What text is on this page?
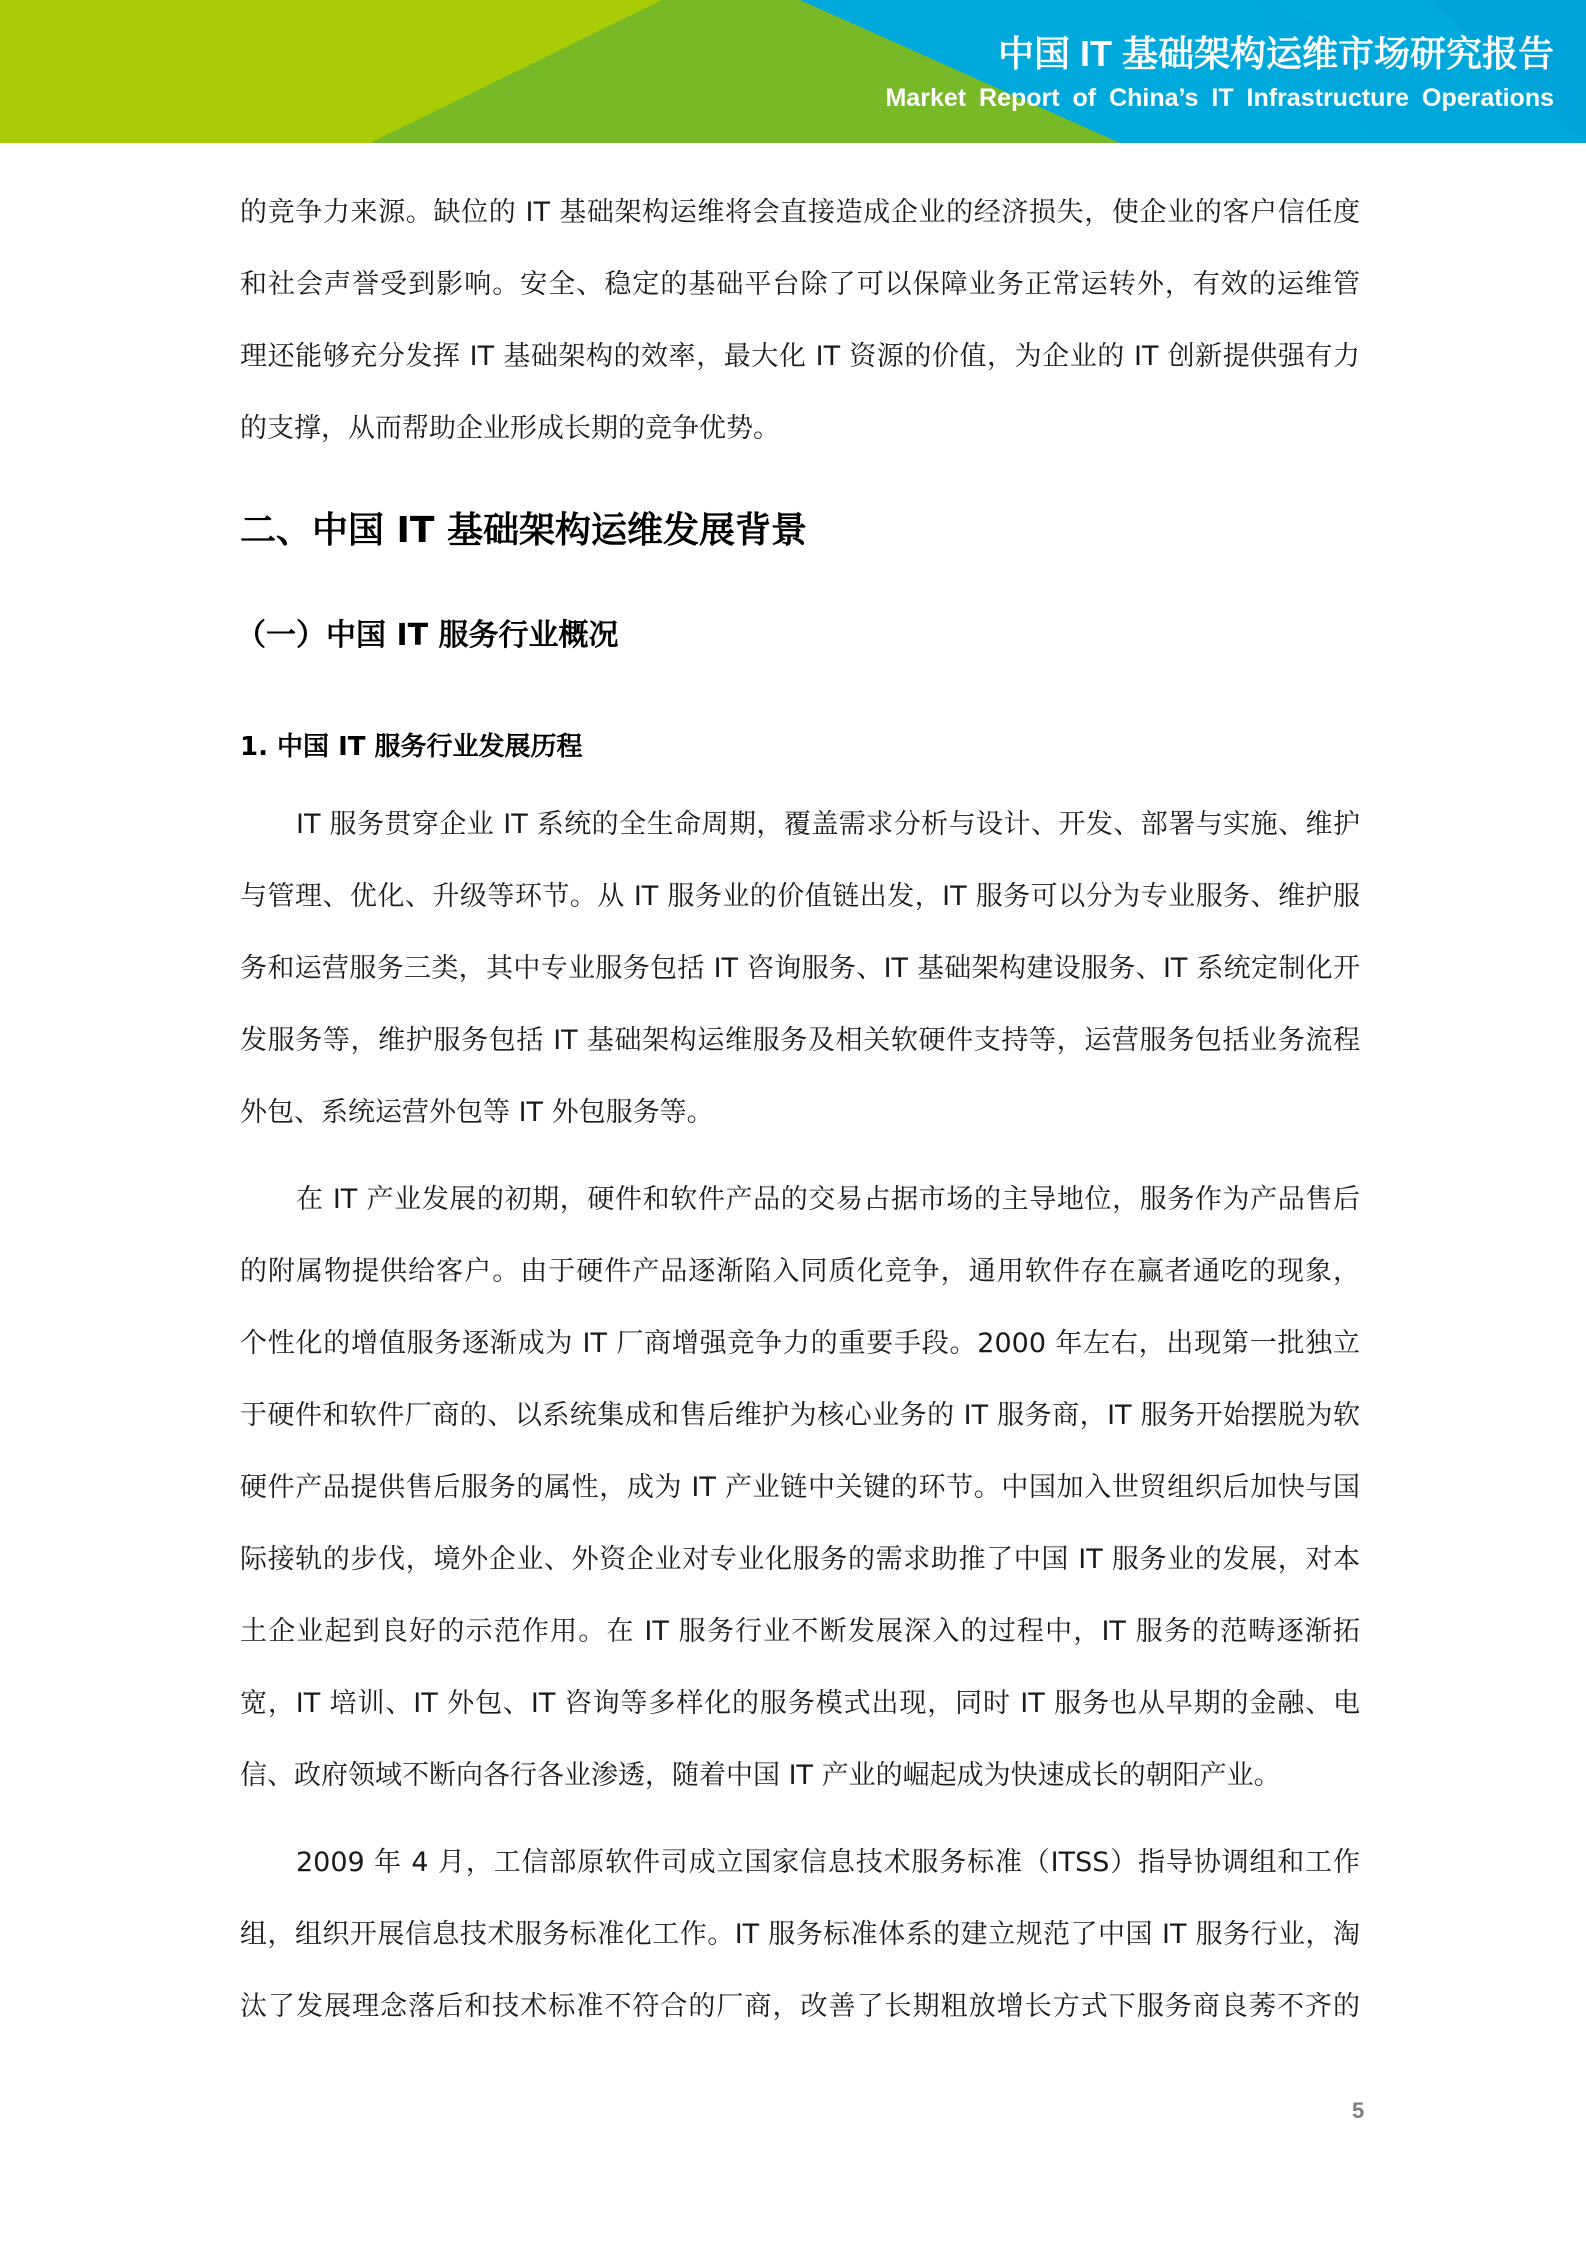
中国 IT 基础架构运维市场研究报告
Market Report of China’s IT Infrastructure Operations
的竞争力来源。缺位的 IT 基础架构运维将会直接造成企业的经济损失，使企业的客户信任度
和社会声誉受到影响。安全、稳定的基础平台除了可以保障业务正常运转外，有效的运维管
理还能够充分发挥 IT 基础架构的效率，最大化 IT 资源的价值，为企业的 IT 创新提供强有力
的支撑，从而帮助企业形成长期的竞争优势。
二、中国 IT 基础架构运维发展背景
（一）中国 IT 服务行业概况
1. 中国 IT 服务行业发展历程
IT 服务贯穿企业 IT 系统的全生命周期，覆盖需求分析与设计、开发、部署与实施、维护
与管理、优化、升级等环节。从 IT 服务业的价值链出发，IT 服务可以分为专业服务、维护服
务和运营服务三类，其中专业服务包括 IT 咨询服务、IT 基础架构建设服务、IT 系统定制化开
发服务等，维护服务包括 IT 基础架构运维服务及相关软硬件支持等，运营服务包括业务流程
外包、系统运营外包等 IT 外包服务等。
在 IT 产业发展的初期，硬件和软件产品的交易占据市场的主导地位，服务作为产品售后
的附属物提供给客户。由于硬件产品逐渐陷入同质化竞争，通用软件存在赢者通吃的现象，
个性化的增值服务逐渐成为 IT 厂商增强竞争力的重要手段。2000 年左右，出现第一批独立
于硬件和软件厂商的、以系统集成和售后维护为核心业务的 IT 服务商，IT 服务开始摆脱为软
硬件产品提供售后服务的属性，成为 IT 产业链中关键的环节。中国加入世贸组织后加快与国
际接轨的步伐，境外企业、外资企业对专业化服务的需求助推了中国 IT 服务业的发展，对本
土企业起到良好的示范作用。在 IT 服务行业不断发展深入的过程中，IT 服务的范畴逐渐拓
宽，IT 培训、IT 外包、IT 咨询等多样化的服务模式出现，同时 IT 服务也从早期的金融、电
信、政府领域不断向各行各业渗透，随着中国 IT 产业的崛起成为快速成长的朝阳产业。
2009 年 4 月，工信部原软件司成立国家信息技术服务标准（ITSS）指导协调组和工作
组，组织开展信息技术服务标准化工作。IT 服务标准体系的建立规范了中国 IT 服务行业，淘
汰了发展理念落后和技术标准不符合的厂商，改善了长期粗放增长方式下服务商良莠不齐的
5
